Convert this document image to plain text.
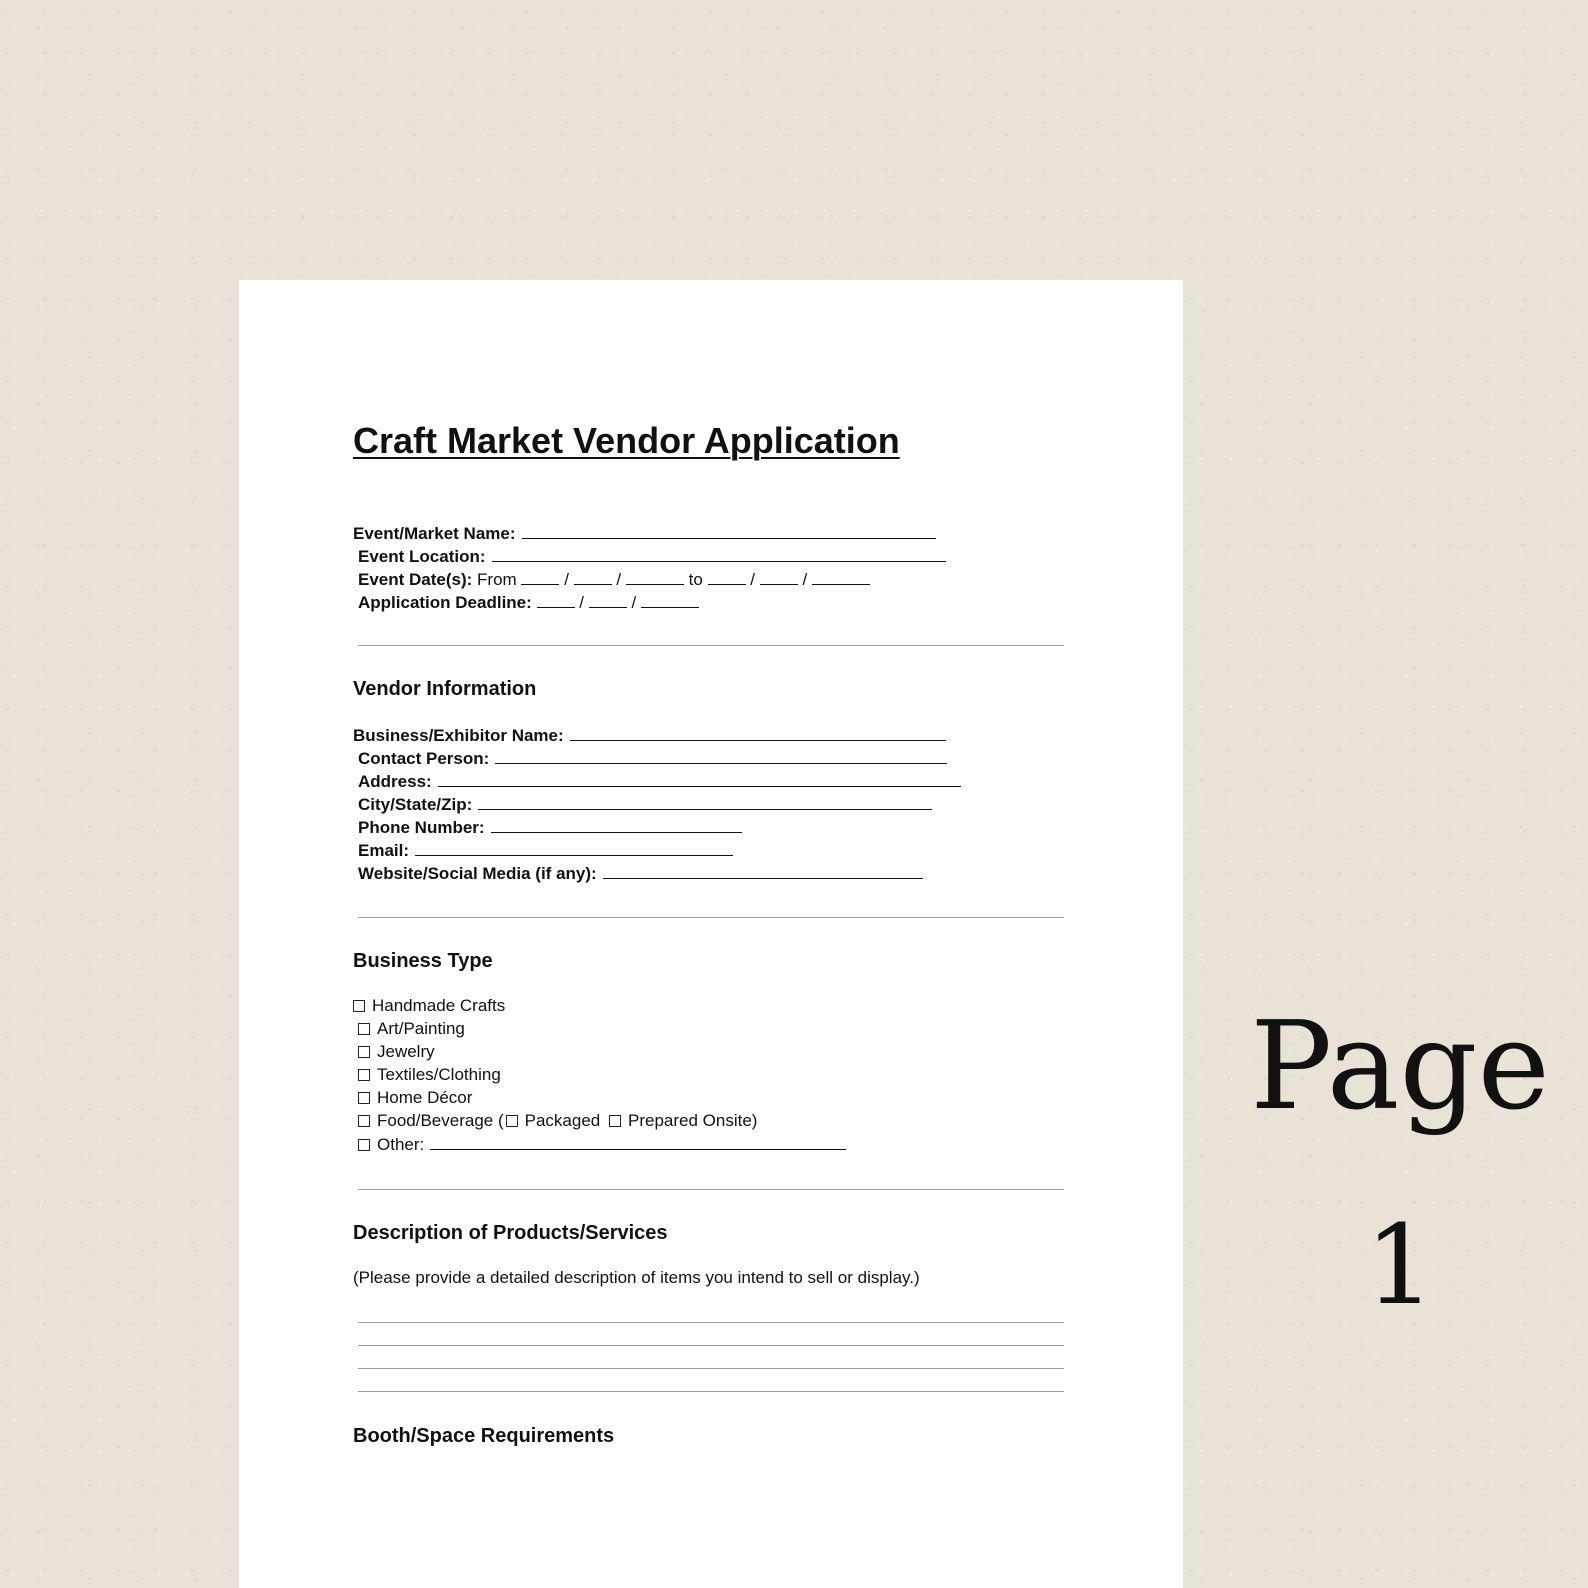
Craft Market Vendor Application
Event/Market Name:
Event Location:
Event Date(s): From	/	/	to	/	/
Application Deadline:	/	/
Vendor Information
Business/Exhibitor Name:
Contact Person:
Address:
City/State/Zip:
Phone Number:
Email:
Website/Social Media (if any):
Business Type
Handmade Crafts
Art/Painting
Jewelry
Textiles/Clothing
Home Décor
Food/Beverage ( Packaged Prepared Onsite)
Other:
Description of Products/Services
(Please provide a detailed description of items you intend to sell or display.)
Booth/Space Requirements
Page
1
